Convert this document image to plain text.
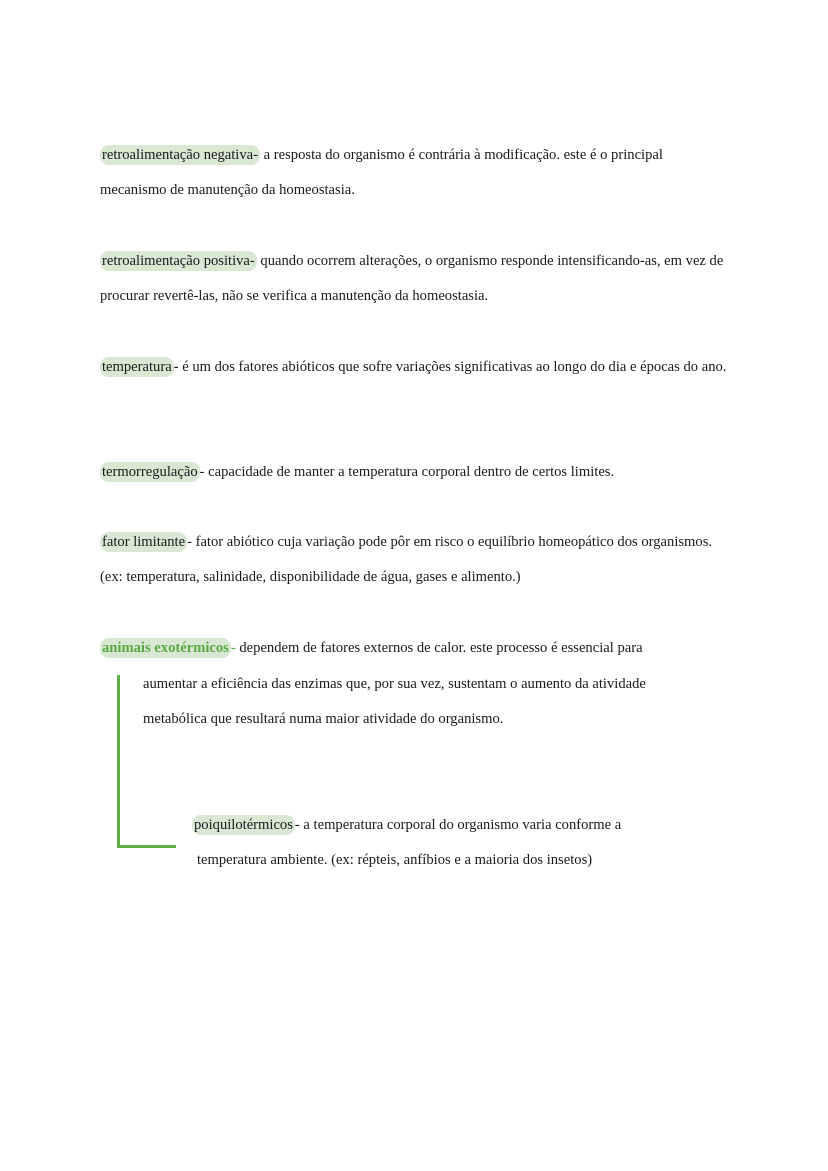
retroalimentação negativa- a resposta do organismo é contrária à modificação. este é o principal mecanismo de manutenção da homeostasia.

retroalimentação positiva- quando ocorrem alterações, o organismo responde intensificando-as, em vez de procurar revertê-las, não se verifica a manutenção da homeostasia.

temperatura - é um dos fatores abióticos que sofre variações significativas ao longo do dia e épocas do ano.

termorregulação - capacidade de manter a temperatura corporal dentro de certos limites.

fator limitante - fator abiótico cuja variação pode pôr em risco o equilíbrio homeopático dos organismos. (ex: temperatura, salinidade, disponibilidade de água, gases e alimento.)

animais exotérmicos - dependem de fatores externos de calor. este processo é essencial para
aumentar a eficiência das enzimas que, por sua vez, sustentam o aumento da atividade
metabólica que resultará numa maior atividade do organismo.
poiquilotérmicos - a temperatura corporal do organismo varia conforme a
temperatura ambiente. (ex: répteis, anfíbios e a maioria dos insetos)
